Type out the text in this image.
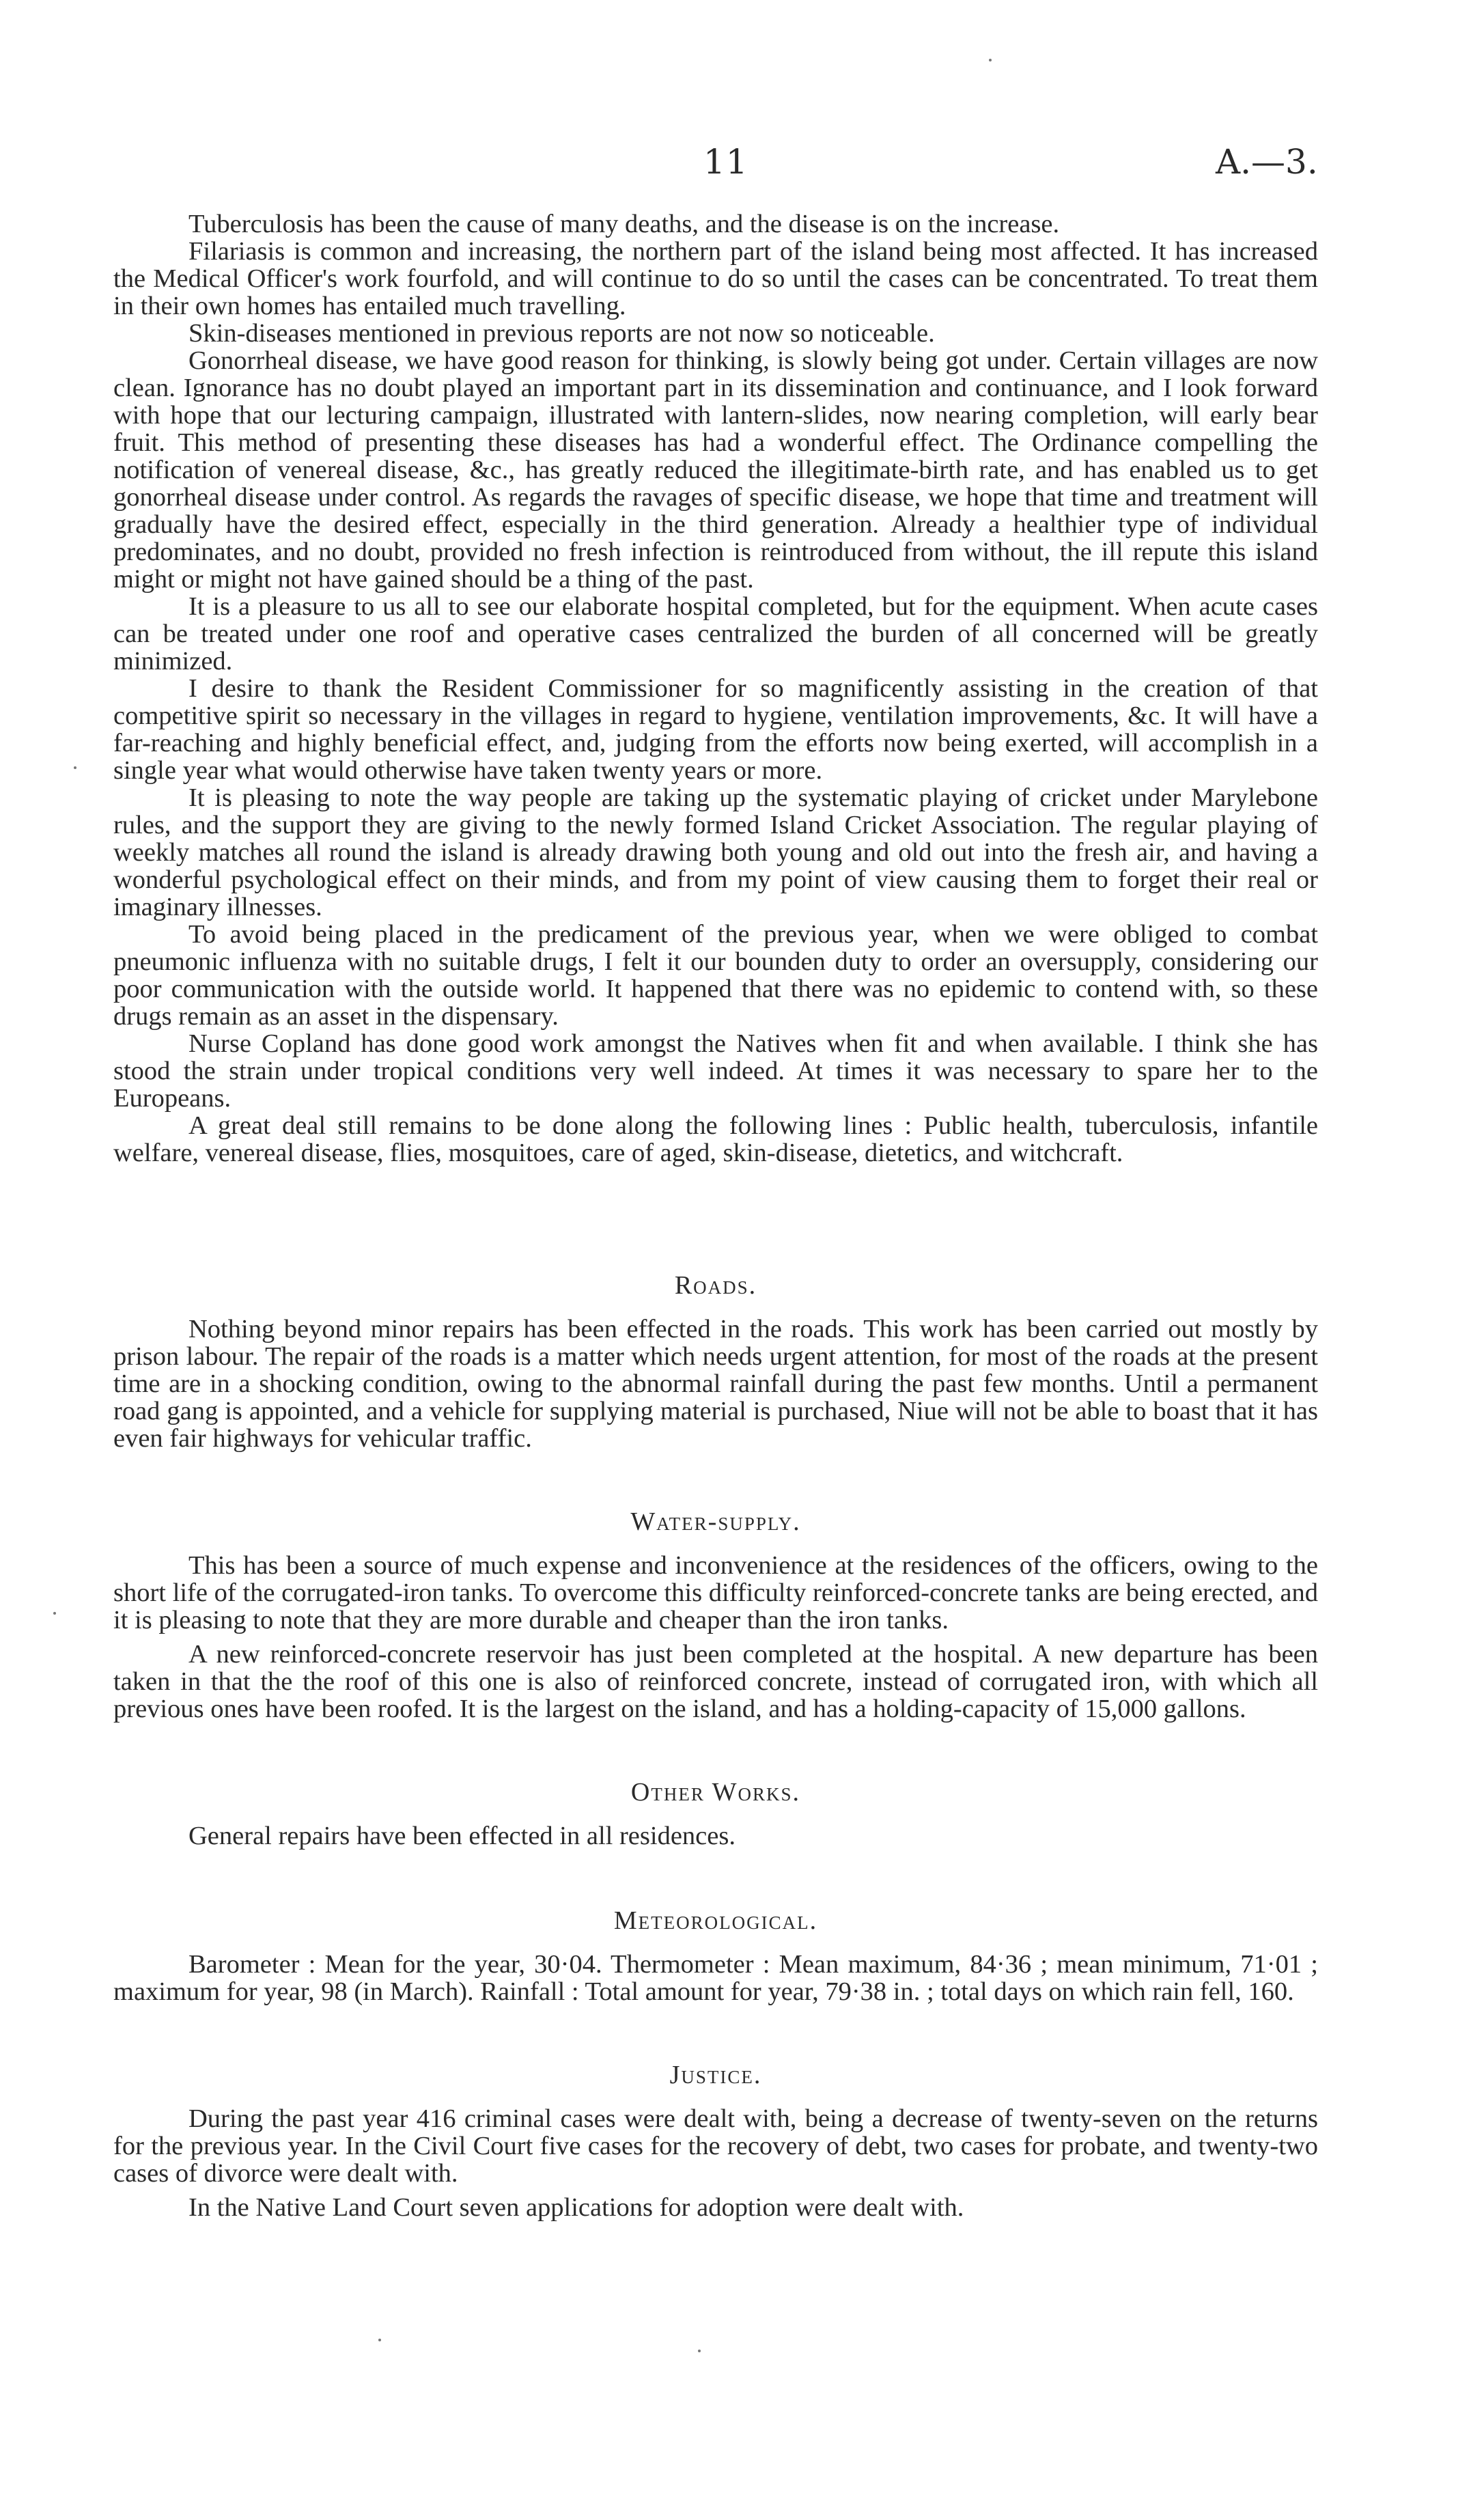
11	A.—3.

Tuberculosis has been the cause of many deaths, and the disease is on the increase.

Filariasis is common and increasing, the northern part of the island being most affected. It has increased the Medical Officer's work fourfold, and will continue to do so until the cases can be concentrated. To treat them in their own homes has entailed much travelling.

Skin-diseases mentioned in previous reports are not now so noticeable.

Gonorrheal disease, we have good reason for thinking, is slowly being got under. Certain villages are now clean. Ignorance has no doubt played an important part in its dissemination and continuance, and I look forward with hope that our lecturing campaign, illustrated with lantern-slides, now nearing completion, will early bear fruit. This method of presenting these diseases has had a wonderful effect. The Ordinance compelling the notification of venereal disease, &c., has greatly reduced the illegitimate-birth rate, and has enabled us to get gonorrheal disease under control. As regards the ravages of specific disease, we hope that time and treatment will gradually have the desired effect, especially in the third generation. Already a healthier type of individual predominates, and no doubt, provided no fresh infection is reintroduced from without, the ill repute this island might or might not have gained should be a thing of the past.

It is a pleasure to us all to see our elaborate hospital completed, but for the equipment. When acute cases can be treated under one roof and operative cases centralized the burden of all concerned will be greatly minimized.

I desire to thank the Resident Commissioner for so magnificently assisting in the creation of that competitive spirit so necessary in the villages in regard to hygiene, ventilation improvements, &c. It will have a far-reaching and highly beneficial effect, and, judging from the efforts now being exerted, will accomplish in a single year what would otherwise have taken twenty years or more.

It is pleasing to note the way people are taking up the systematic playing of cricket under Marylebone rules, and the support they are giving to the newly formed Island Cricket Association. The regular playing of weekly matches all round the island is already drawing both young and old out into the fresh air, and having a wonderful psychological effect on their minds, and from my point of view causing them to forget their real or imaginary illnesses.

To avoid being placed in the predicament of the previous year, when we were obliged to combat pneumonic influenza with no suitable drugs, I felt it our bounden duty to order an oversupply, considering our poor communication with the outside world. It happened that there was no epidemic to contend with, so these drugs remain as an asset in the dispensary.

Nurse Copland has done good work amongst the Natives when fit and when available. I think she has stood the strain under tropical conditions very well indeed. At times it was necessary to spare her to the Europeans.

A great deal still remains to be done along the following lines : Public health, tuberculosis, infantile welfare, venereal disease, flies, mosquitoes, care of aged, skin-disease, dietetics, and witchcraft.

Roads.

Nothing beyond minor repairs has been effected in the roads. This work has been carried out mostly by prison labour. The repair of the roads is a matter which needs urgent attention, for most of the roads at the present time are in a shocking condition, owing to the abnormal rainfall during the past few months. Until a permanent road gang is appointed, and a vehicle for supplying material is purchased, Niue will not be able to boast that it has even fair highways for vehicular traffic.

Water-supply.

This has been a source of much expense and inconvenience at the residences of the officers, owing to the short life of the corrugated-iron tanks. To overcome this difficulty reinforced-concrete tanks are being erected, and it is pleasing to note that they are more durable and cheaper than the iron tanks.

A new reinforced-concrete reservoir has just been completed at the hospital. A new departure has been taken in that the the roof of this one is also of reinforced concrete, instead of corrugated iron, with which all previous ones have been roofed. It is the largest on the island, and has a holding-capacity of 15,000 gallons.

Other Works.

General repairs have been effected in all residences.

Meteorological.

Barometer : Mean for the year, 30·04. Thermometer : Mean maximum, 84·36 ; mean minimum, 71·01 ; maximum for year, 98 (in March). Rainfall : Total amount for year, 79·38 in. ; total days on which rain fell, 160.

Justice.

During the past year 416 criminal cases were dealt with, being a decrease of twenty-seven on the returns for the previous year. In the Civil Court five cases for the recovery of debt, two cases for probate, and twenty-two cases of divorce were dealt with.

In the Native Land Court seven applications for adoption were dealt with.
